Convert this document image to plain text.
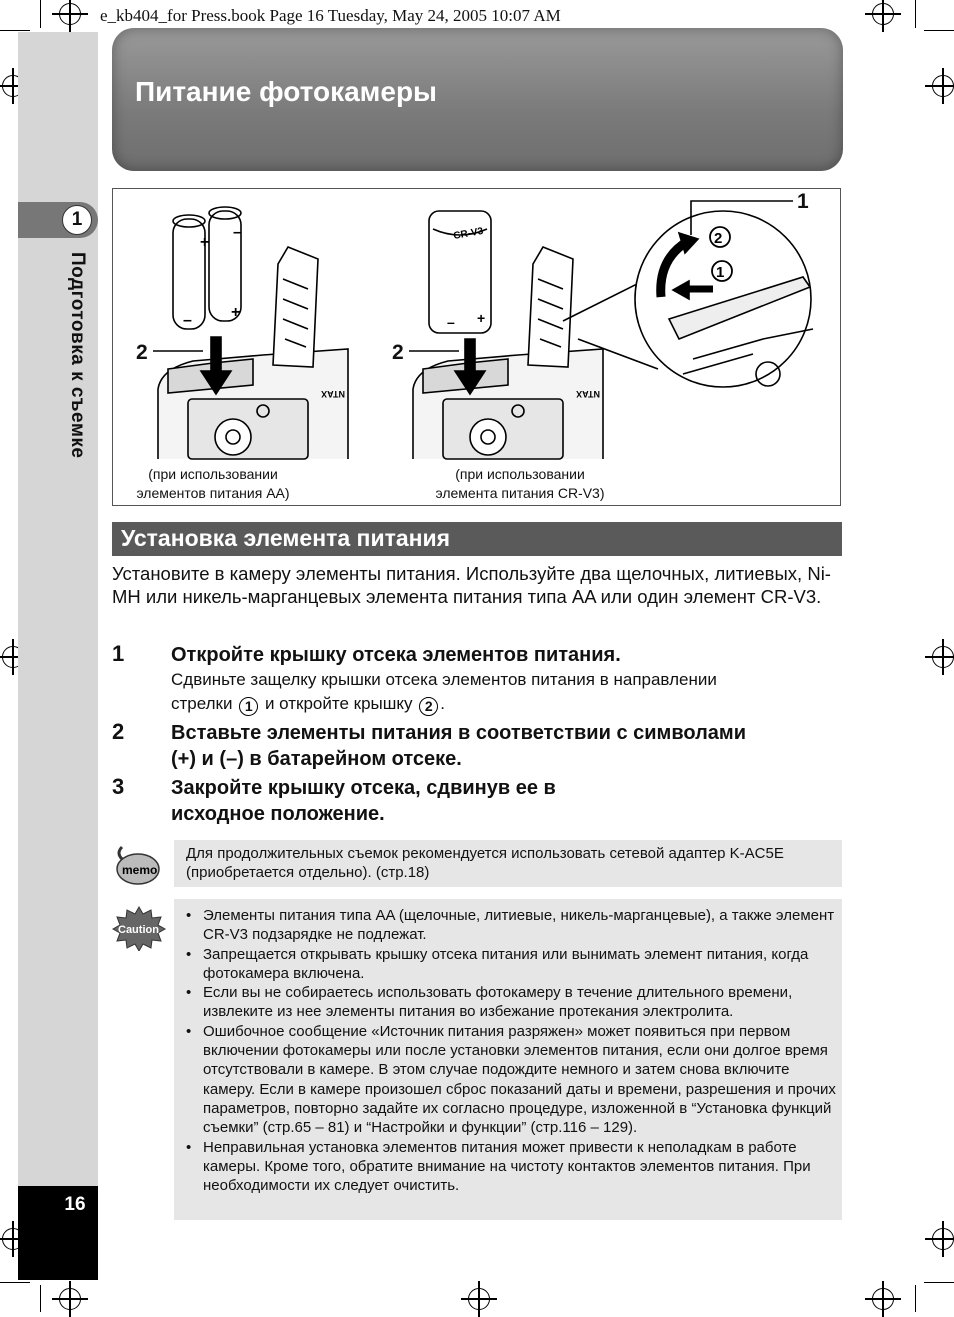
e_kb404_for Press.book Page 16 Tuesday, May 24, 2005 10:07 AM
1
Подготовка к съемке
16
Питание фотокамеры
+
–
– +
CR-V3
– +
NTAX	NTAX
2
1
2	2
1
(при использовании
элементов питания AA)
(при использовании
элемента питания CR-V3)
Установка элемента питания
Установите в камеру элементы питания. Используйте два щелочных, литиевых, Ni-MH или никель-марганцевых элемента питания типа AA или один элемент CR-V3.
1 Откройте крышку отсека элементов питания.
Сдвиньте защелку крышки отсека элементов питания в направлении
стрелки 1 и откройте крышку 2 .
2 Вставьте элементы питания в соответствии с символами
(+) и (–) в батарейном отсеке.
3 Закройте крышку отсека, сдвинув ее в
исходное положение.
memo
Для продолжительных съемок рекомендуется использовать сетевой адаптер K-AC5E (приобретается отдельно). (стр.18)
Caution
• Элементы питания типа AA (щелочные, литиевые, никель-марганцевые), а также элемент CR-V3 подзарядке не подлежат.
• Запрещается открывать крышку отсека питания или вынимать элемент питания, когда фотокамера включена.
• Если вы не собираетесь использовать фотокамеру в течение длительного времени, извлеките из нее элементы питания во избежание протекания электролита.
• Ошибочное сообщение «Источник питания разряжен» может появиться при первом включении фотокамеры или после установки элементов питания, если они долгое время отсутствовали в камере. В этом случае подождите немного и затем снова включите камеру. Если в камере произошел сброс показаний даты и времени, разрешения и прочих параметров, повторно задайте их согласно процедуре, изложенной в “Установка функций съемки” (стр.65 – 81) и “Настройки и функции” (стр.116 – 129).
• Неправильная установка элементов питания может привести к неполадкам в работе камеры. Кроме того, обратите внимание на чистоту контактов элементов питания. При необходимости их следует очистить.
